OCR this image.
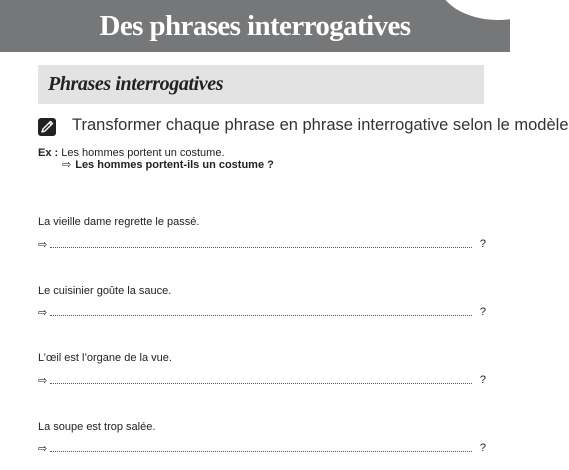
Des phrases interrogatives
Phrases interrogatives
Transformer chaque phrase en phrase interrogative selon le modèle
Ex : Les hommes portent un costume.
⇨ Les hommes portent-ils un costume ?
La vieille dame regrette le passé.
⇨	?
Le cuisinier goûte la sauce.
⇨	?
L’œil est l’organe de la vue.
⇨	?
La soupe est trop salée.
⇨	?
